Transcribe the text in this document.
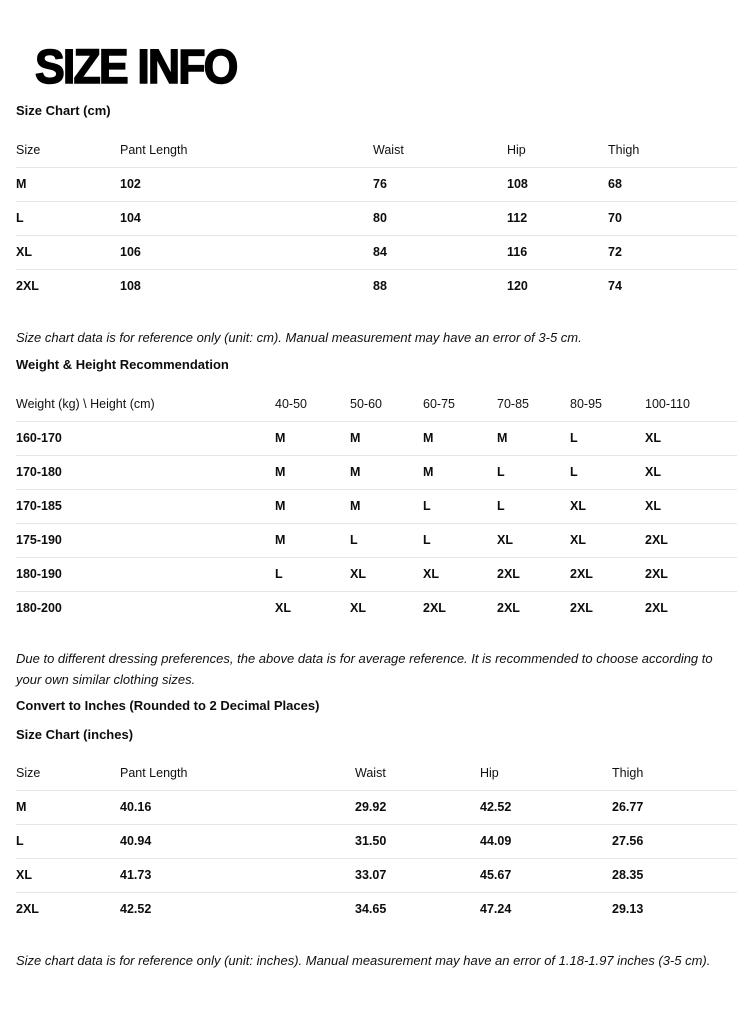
SIZE INFO
Size Chart (cm)
Size	Pant Length	Waist	Hip	Thigh
M	102	76	108	68
L	104	80	112	70
XL	106	84	116	72
2XL	108	88	120	74

Size chart data is for reference only (unit: cm). Manual measurement may have an error of 3-5 cm.

Weight & Height Recommendation
Weight (kg) \ Height (cm)	40-50	50-60	60-75	70-85	80-95	100-110
160-170	M	M	M	M	L	XL
170-180	M	M	M	L	L	XL
170-185	M	M	L	L	XL	XL
175-190	M	L	L	XL	XL	2XL
180-190	L	XL	XL	2XL	2XL	2XL
180-200	XL	XL	2XL	2XL	2XL	2XL

Due to different dressing preferences, the above data is for average reference. It is recommended to choose according to your own similar clothing sizes.

Convert to Inches (Rounded to 2 Decimal Places)
Size Chart (inches)
Size	Pant Length	Waist	Hip	Thigh
M	40.16	29.92	42.52	26.77
L	40.94	31.50	44.09	27.56
XL	41.73	33.07	45.67	28.35
2XL	42.52	34.65	47.24	29.13

Size chart data is for reference only (unit: inches). Manual measurement may have an error of 1.18-1.97 inches (3-5 cm).
